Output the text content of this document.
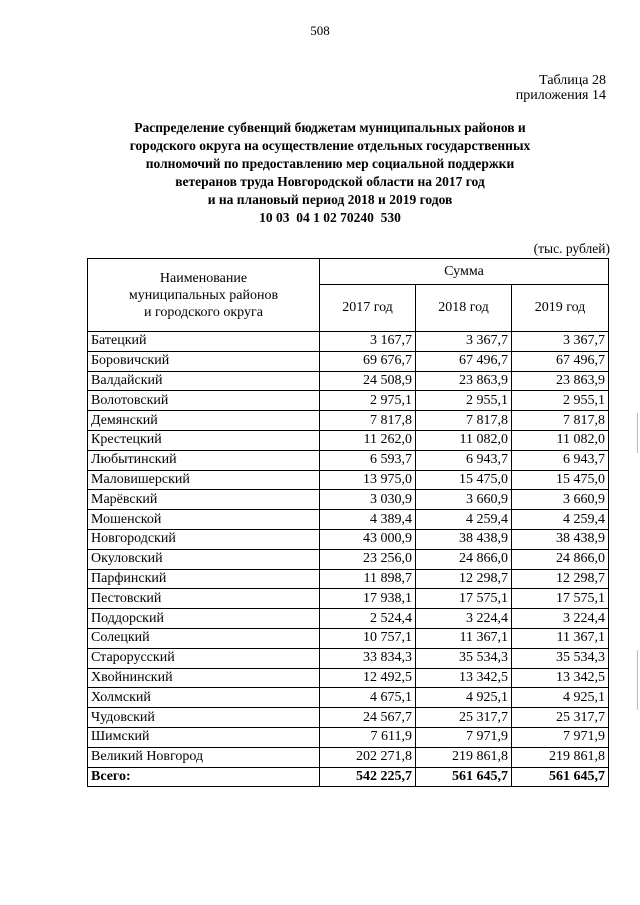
508
Таблица 28
приложения 14
Распределение субвенций бюджетам муниципальных районов и
городского округа на осуществление отдельных государственных
полномочий по предоставлению мер социальной поддержки
ветеранов труда Новгородской области на 2017 год
и на плановый период 2018 и 2019 годов
10 03  04 1 02 70240  530
(тыс. рублей)
Наименование
муниципальных районов
и городского округа	Сумма		
	2017 год	2018 год	2019 год
Батецкий	3 167,7	3 367,7	3 367,7
Боровичский	69 676,7	67 496,7	67 496,7
Валдайский	24 508,9	23 863,9	23 863,9
Волотовский	2 975,1	2 955,1	2 955,1
Демянский	7 817,8	7 817,8	7 817,8
Крестецкий	11 262,0	11 082,0	11 082,0
Любытинский	6 593,7	6 943,7	6 943,7
Маловишерский	13 975,0	15 475,0	15 475,0
Марёвский	3 030,9	3 660,9	3 660,9
Мошенской	4 389,4	4 259,4	4 259,4
Новгородский	43 000,9	38 438,9	38 438,9
Окуловский	23 256,0	24 866,0	24 866,0
Парфинский	11 898,7	12 298,7	12 298,7
Пестовский	17 938,1	17 575,1	17 575,1
Поддорский	2 524,4	3 224,4	3 224,4
Солецкий	10 757,1	11 367,1	11 367,1
Старорусский	33 834,3	35 534,3	35 534,3
Хвойнинский	12 492,5	13 342,5	13 342,5
Холмский	4 675,1	4 925,1	4 925,1
Чудовский	24 567,7	25 317,7	25 317,7
Шимский	7 611,9	7 971,9	7 971,9
Великий Новгород	202 271,8	219 861,8	219 861,8
Всего:	542 225,7	561 645,7	561 645,7
